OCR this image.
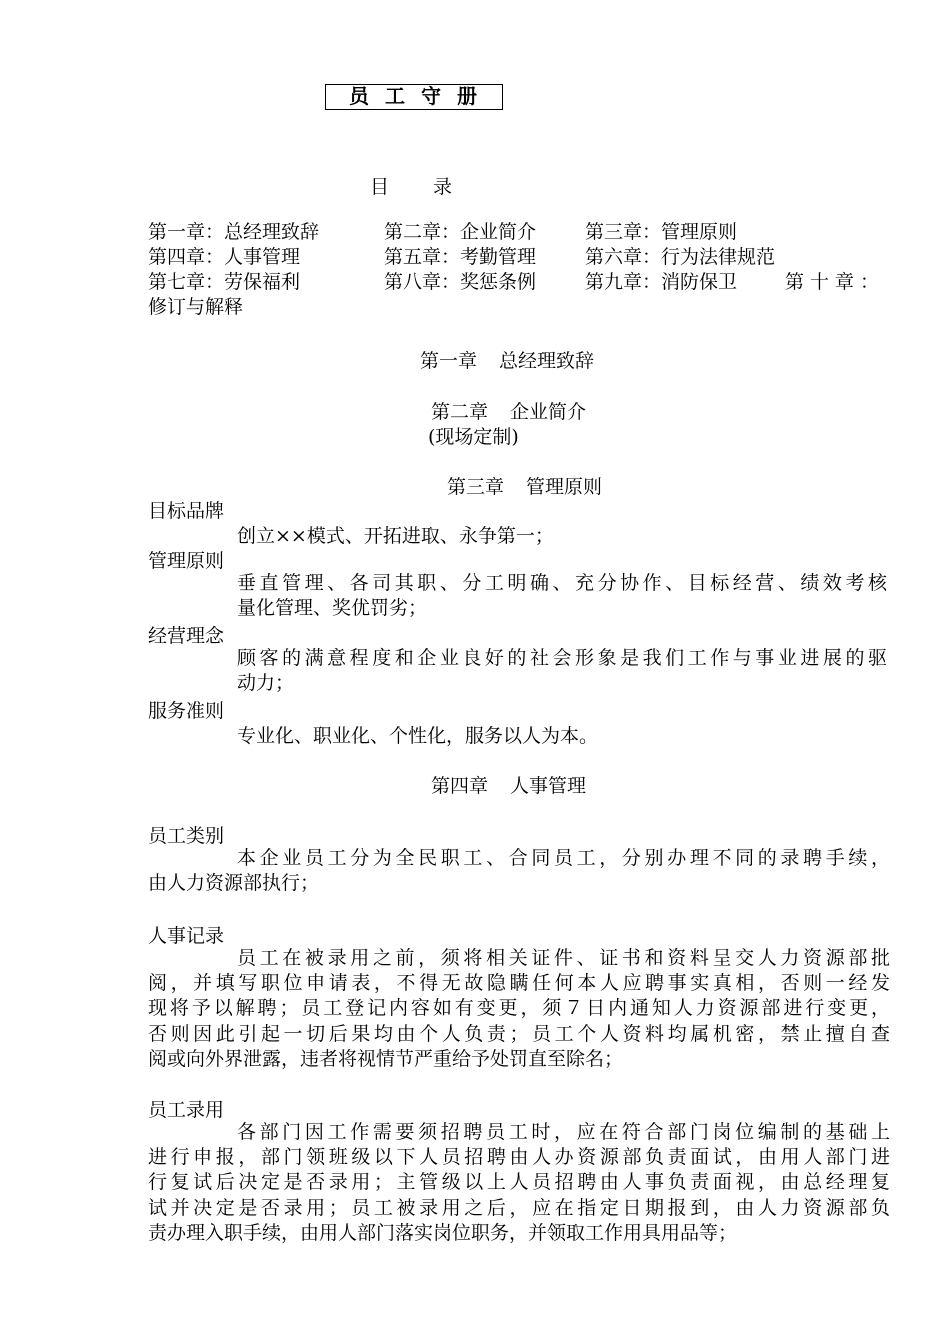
员工守册
目录
第一章：总经理致辞	第二章：企业简介	第三章：管理原则
第四章：人事管理	第五章：考勤管理	第六章：行为法律规范
第七章：劳保福利	第八章：奖惩条例	第九章：消防保卫	第十章：
修订与解释
第一章 总经理致辞
第二章 企业简介
(现场定制)
第三章 管理原则
目标品牌
创立××模式、开拓进取、永争第一；
管理原则
垂直管理、各司其职、分工明确、充分协作、目标经营、绩效考核
量化管理、奖优罚劣；
经营理念
顾客的满意程度和企业良好的社会形象是我们工作与事业进展的驱
动力；
服务准则
专业化、职业化、个性化，服务以人为本。
第四章 人事管理
员工类别
本企业员工分为全民职工、合同员工，分别办理不同的录聘手续，
由人力资源部执行；
人事记录
员工在被录用之前，须将相关证件、证书和资料呈交人力资源部批
阅，并填写职位申请表，不得无故隐瞒任何本人应聘事实真相，否则一经发
现将予以解聘；员工登记内容如有变更，须７日内通知人力资源部进行变更，
否则因此引起一切后果均由个人负责；员工个人资料均属机密，禁止擅自查
阅或向外界泄露，违者将视情节严重给予处罚直至除名；
员工录用
各部门因工作需要须招聘员工时，应在符合部门岗位编制的基础上
进行申报，部门领班级以下人员招聘由人办资源部负责面试，由用人部门进
行复试后决定是否录用；主管级以上人员招聘由人事负责面视，由总经理复
试并决定是否录用；员工被录用之后，应在指定日期报到，由人力资源部负
责办理入职手续，由用人部门落实岗位职务，并领取工作用具用品等；
